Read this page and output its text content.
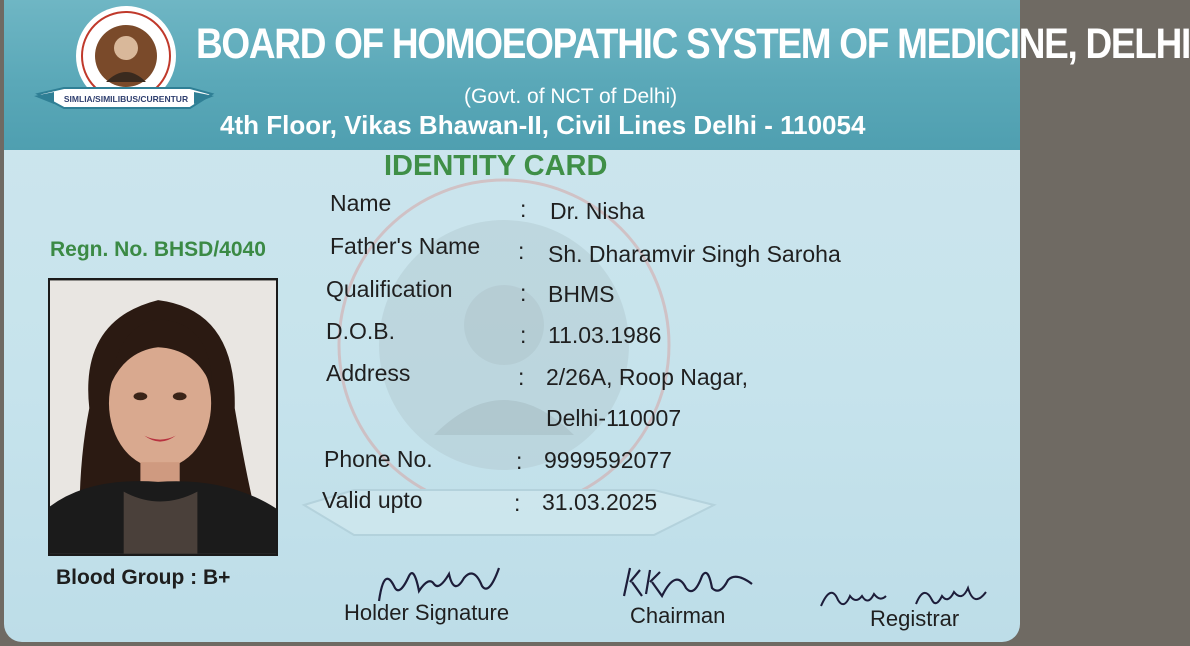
SIMLIA/SIMILIBUS/CURENTUR
BOARD OF HOMOEOPATHIC SYSTEM OF MEDICINE, DELHI
(Govt. of NCT of Delhi)
4th Floor, Vikas Bhawan-II, Civil Lines Delhi - 110054
IDENTITY CARD
Regn. No. BHSD/4040
Blood Group : B+
Name
Father's Name
Qualification
D.O.B.
Address
Phone No.
Valid upto
:
:
:
:
:
:
:
Dr. Nisha
Sh. Dharamvir Singh Saroha
BHMS
11.03.1986
2/26A, Roop Nagar,
Delhi-110007
9999592077
31.03.2025
Holder Signature	Chairman	Registrar
